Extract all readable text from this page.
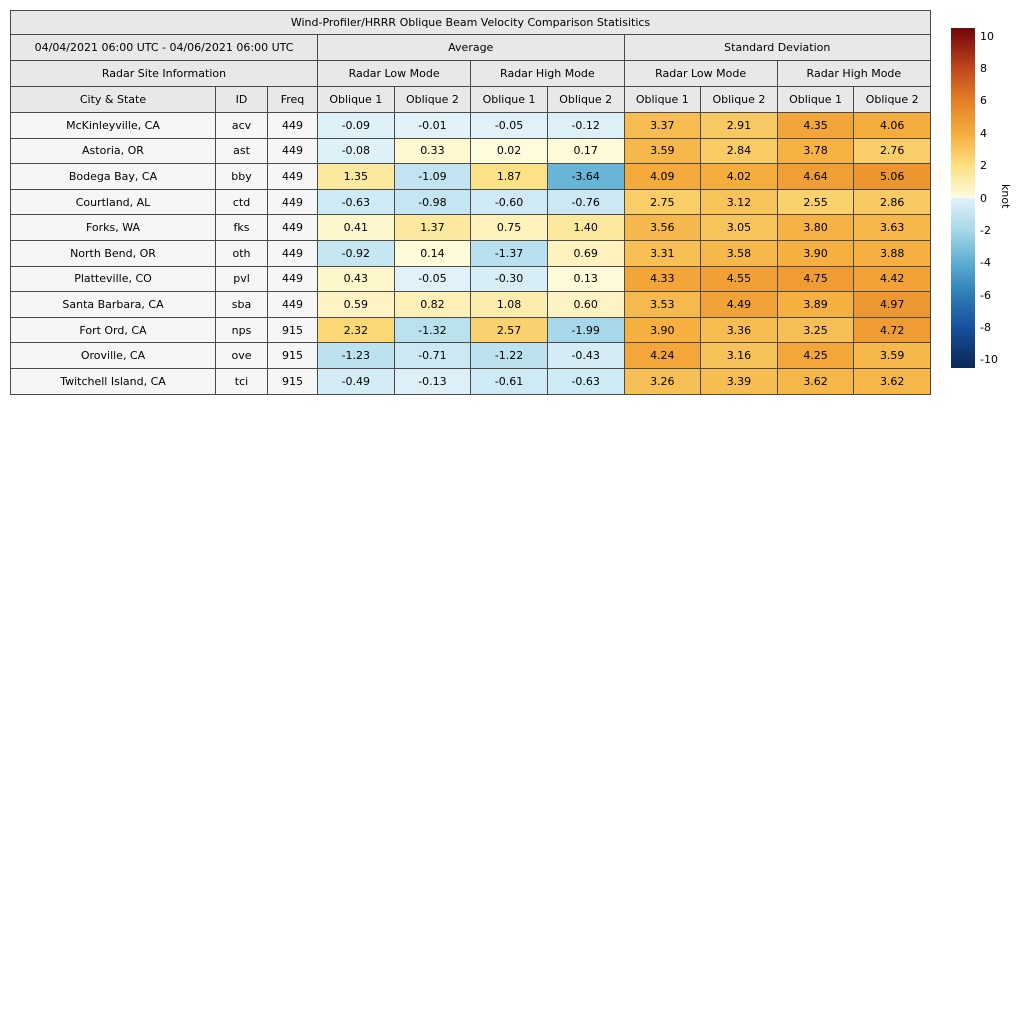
Wind-Profiler/HRRR Oblique Beam Velocity Comparison Statisitics										
04/04/2021 06:00 UTC - 04/06/2021 06:00 UTC			Average				Standard Deviation			
Radar Site Information			Radar Low Mode		Radar High Mode		Radar Low Mode		Radar High Mode	
City & State	ID	Freq	Oblique 1	Oblique 2	Oblique 1	Oblique 2	Oblique 1	Oblique 2	Oblique 1	Oblique 2
McKinleyville, CA	acv	449	-0.09	-0.01	-0.05	-0.12	3.37	2.91	4.35	4.06
Astoria, OR	ast	449	-0.08	0.33	0.02	0.17	3.59	2.84	3.78	2.76
Bodega Bay, CA	bby	449	1.35	-1.09	1.87	-3.64	4.09	4.02	4.64	5.06
Courtland, AL	ctd	449	-0.63	-0.98	-0.60	-0.76	2.75	3.12	2.55	2.86
Forks, WA	fks	449	0.41	1.37	0.75	1.40	3.56	3.05	3.80	3.63
North Bend, OR	oth	449	-0.92	0.14	-1.37	0.69	3.31	3.58	3.90	3.88
Platteville, CO	pvl	449	0.43	-0.05	-0.30	0.13	4.33	4.55	4.75	4.42
Santa Barbara, CA	sba	449	0.59	0.82	1.08	0.60	3.53	4.49	3.89	4.97
Fort Ord, CA	nps	915	2.32	-1.32	2.57	-1.99	3.90	3.36	3.25	4.72
Oroville, CA	ove	915	-1.23	-0.71	-1.22	-0.43	4.24	3.16	4.25	3.59
Twitchell Island, CA	tci	915	-0.49	-0.13	-0.61	-0.63	3.26	3.39	3.62	3.62
10
8
6
4
2
0
-2
-4
-6
-8
-10
knot
